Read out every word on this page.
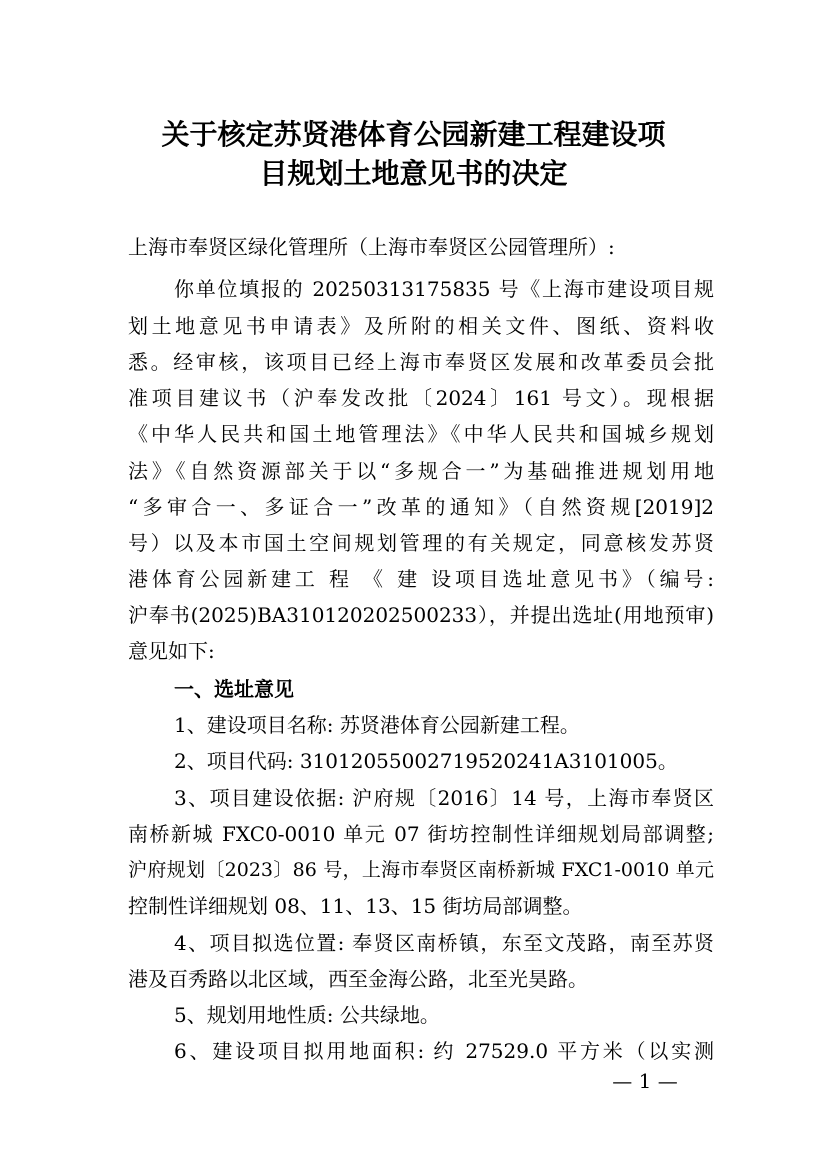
关于核定苏贤港体育公园新建工程建设项
目规划土地意见书的决定
上海市奉贤区绿化管理所（上海市奉贤区公园管理所）:
你单位填报的 20250313175835 号《上海市建设项目规
划土地意见书申请表》及所附的相关文件、图纸、资料收
悉。经审核，该项目已经上海市奉贤区发展和改革委员会批
准项目建议书（沪奉发改批〔2024〕161 号文）。现根据
《中华人民共和国土地管理法》《中华人民共和国城乡规划
法》《自然资源部关于以“多规合一”为基础推进规划用地
“多审合一、多证合一”改革的通知》（自然资规[2019]2
号）以及本市国土空间规划管理的有关规定，同意核发苏贤
港体育公园新建工 程 《 建 设项目选址意见书》（编号:
沪奉书(2025)BA310120202500233），并提出选址(用地预审)
意见如下:
一、选址意见
1、建设项目名称: 苏贤港体育公园新建工程。
2、项目代码: 31012055002719520241A3101005。
3、项目建设依据: 沪府规〔2016〕14 号，上海市奉贤区
南桥新城 FXC0-0010 单元 07 街坊控制性详细规划局部调整;
沪府规划〔2023〕86 号，上海市奉贤区南桥新城 FXC1-0010 单元
控制性详细规划 08、11、13、15 街坊局部调整。
4、项目拟选位置: 奉贤区南桥镇，东至文茂路，南至苏贤
港及百秀路以北区域，西至金海公路，北至光昊路。
5、规划用地性质: 公共绿地。
6、建设项目拟用地面积: 约 27529.0 平方米（以实测
— 1 —
